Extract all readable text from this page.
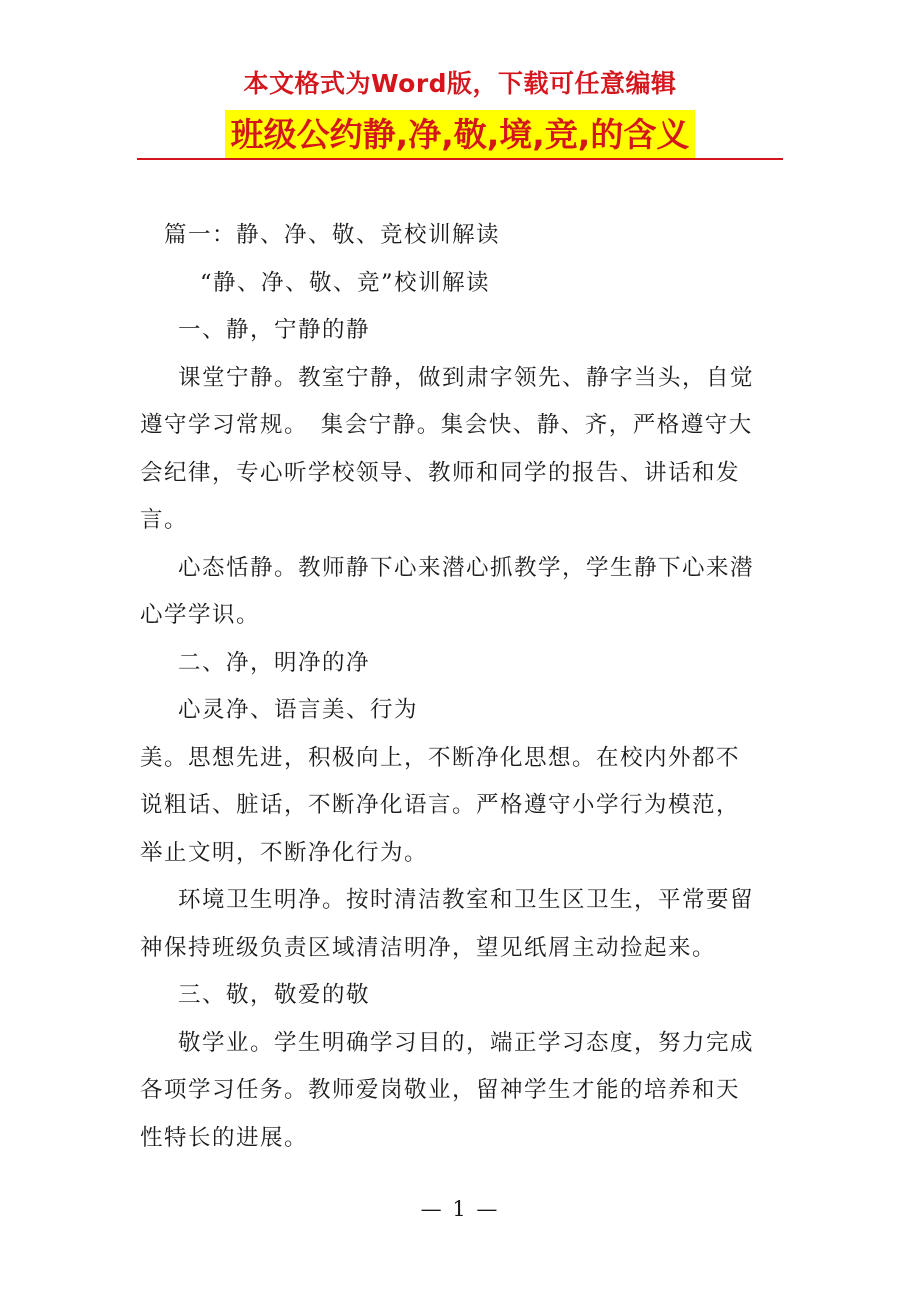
本文格式为Word版，下载可任意编辑
班级公约静,净,敬,境,竞,的含义
篇一：静、净、敬、竞校训解读
“静、净、敬、竞”校训解读
一、静，宁静的静
课堂宁静。教室宁静，做到肃字领先、静字当头，自觉
遵守学习常规。　集会宁静。集会快、静、齐，严格遵守大
会纪律，专心听学校领导、教师和同学的报告、讲话和发
言。
心态恬静。教师静下心来潜心抓教学，学生静下心来潜
心学学识。
二、净，明净的净
心灵净、语言美、行为
美。思想先进，积极向上，不断净化思想。在校内外都不
说粗话、脏话，不断净化语言。严格遵守小学行为模范，
举止文明，不断净化行为。
环境卫生明净。按时清洁教室和卫生区卫生，平常要留
神保持班级负责区域清洁明净，望见纸屑主动捡起来。
三、敬，敬爱的敬
敬学业。学生明确学习目的，端正学习态度，努力完成
各项学习任务。教师爱岗敬业，留神学生才能的培养和天
性特长的进展。
— 1 —
